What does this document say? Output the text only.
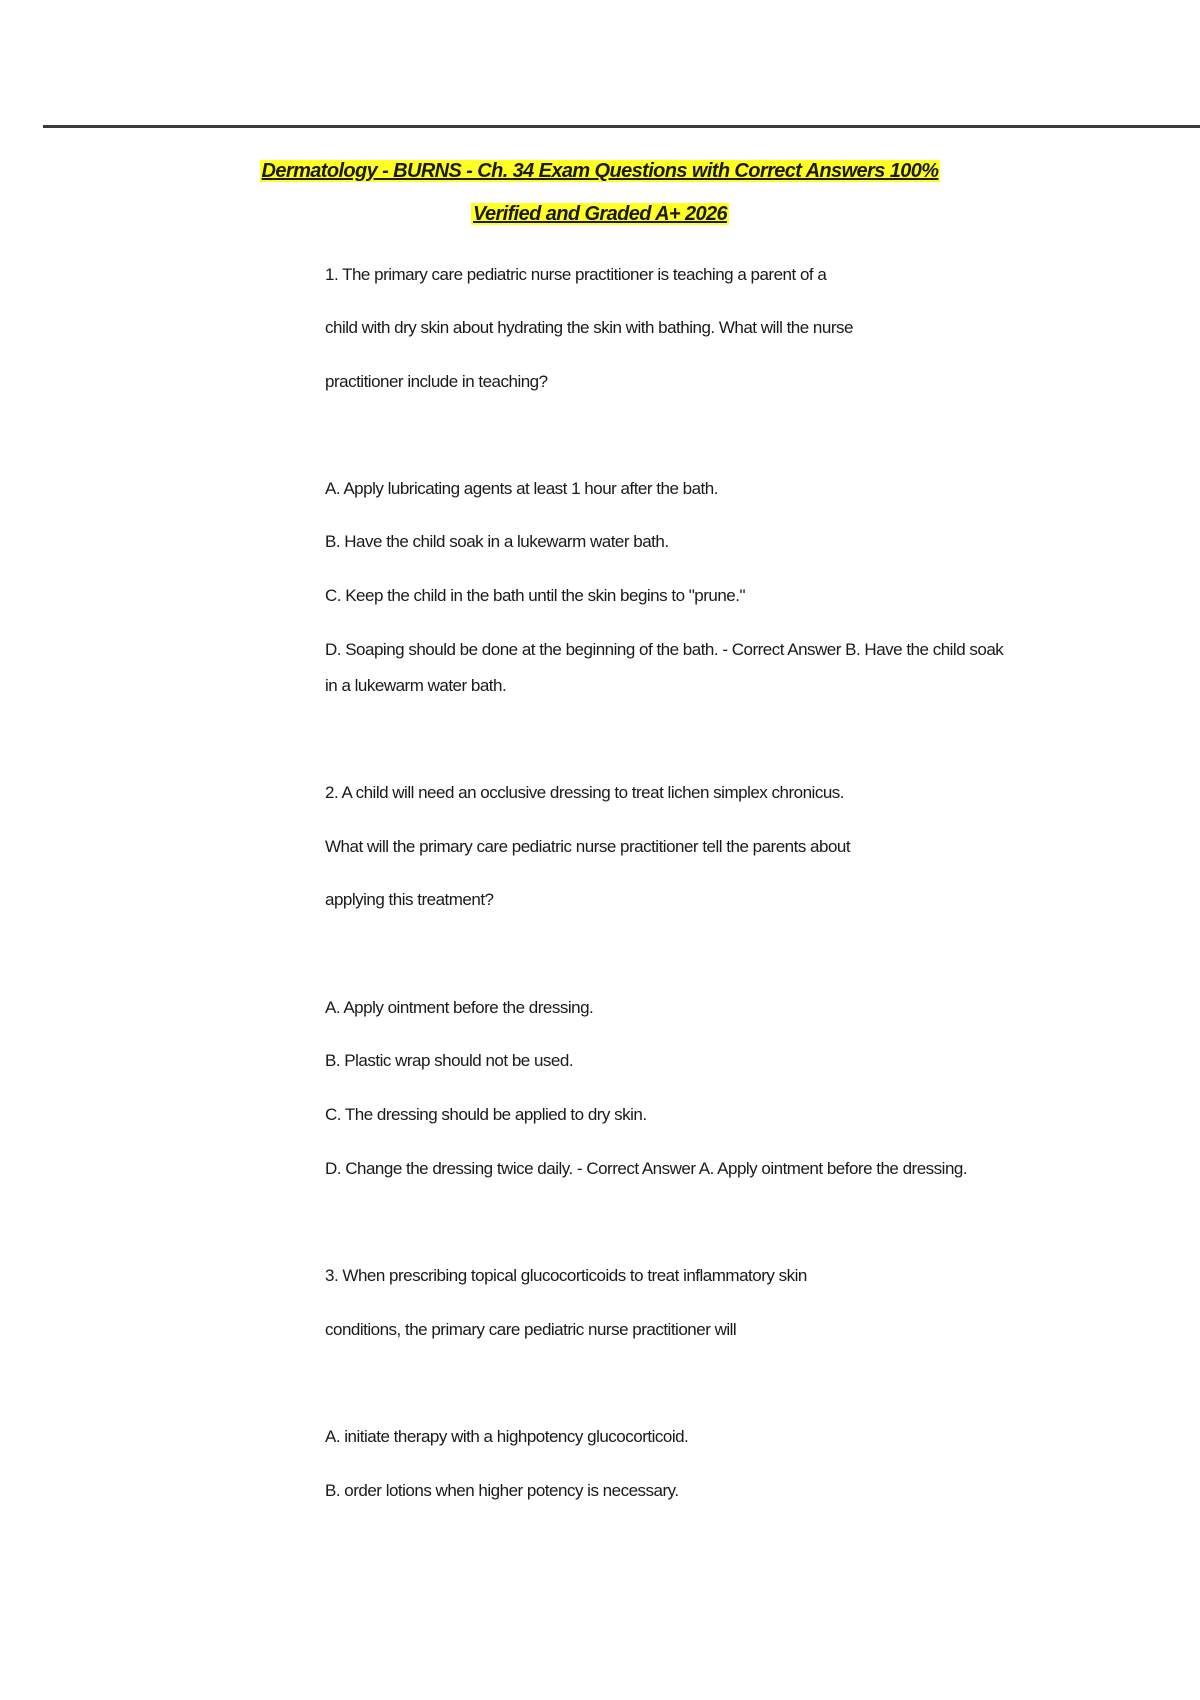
Dermatology - BURNS - Ch. 34 Exam Questions with Correct Answers 100%
Verified and Graded A+ 2026
1. The primary care pediatric nurse practitioner is teaching a parent of a
child with dry skin about hydrating the skin with bathing. What will the nurse
practitioner include in teaching?
A. Apply lubricating agents at least 1 hour after the bath.
B. Have the child soak in a lukewarm water bath.
C. Keep the child in the bath until the skin begins to "prune."
D. Soaping should be done at the beginning of the bath. - Correct Answer B. Have the child soak
in a lukewarm water bath.
2. A child will need an occlusive dressing to treat lichen simplex chronicus.
What will the primary care pediatric nurse practitioner tell the parents about
applying this treatment?
A. Apply ointment before the dressing.
B. Plastic wrap should not be used.
C. The dressing should be applied to dry skin.
D. Change the dressing twice daily. - Correct Answer A. Apply ointment before the dressing.
3. When prescribing topical glucocorticoids to treat inflammatory skin
conditions, the primary care pediatric nurse practitioner will
A. initiate therapy with a highpotency glucocorticoid.
B. order lotions when higher potency is necessary.
